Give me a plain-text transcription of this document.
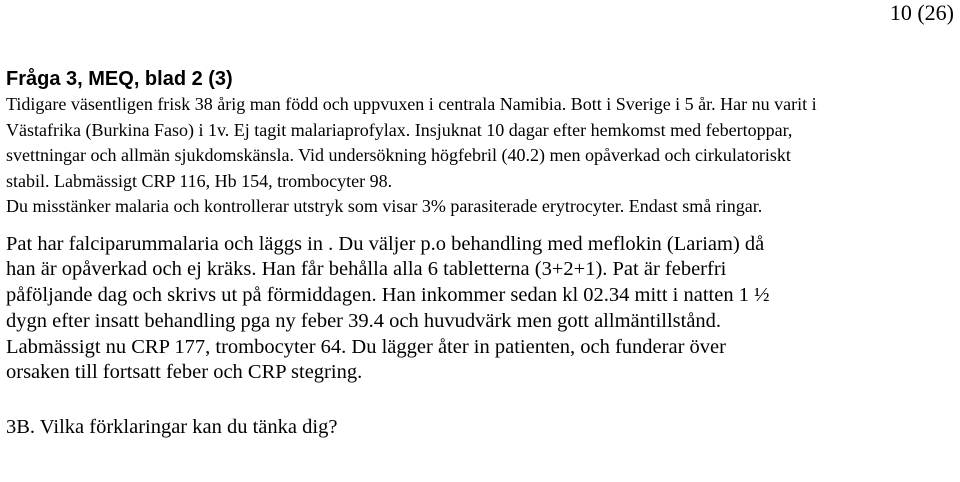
10 (26)
Fråga 3, MEQ, blad 2 (3)

Tidigare väsentligen frisk 38 årig man född och uppvuxen i centrala Namibia. Bott i Sverige i 5 år. Har nu varit i
Västafrika (Burkina Faso) i 1v. Ej tagit malariaprofylax. Insjuknat 10 dagar efter hemkomst med febertoppar,
svettningar och allmän sjukdomskänsla. Vid undersökning högfebril (40.2) men opåverkad och cirkulatoriskt
stabil. Labmässigt CRP 116, Hb 154, trombocyter 98.
Du misstänker malaria och kontrollerar utstryk som visar 3% parasiterade erytrocyter. Endast små ringar.

Pat har falciparummalaria och läggs in . Du väljer p.o behandling med meflokin (Lariam) då
han är opåverkad och ej kräks. Han får behålla alla 6 tabletterna (3+2+1). Pat är feberfri
påföljande dag och skrivs ut på förmiddagen. Han inkommer sedan kl 02.34 mitt i natten 1 ½
dygn efter insatt behandling pga ny feber 39.4 och huvudvärk men gott allmäntillstånd.
Labmässigt nu CRP 177, trombocyter 64. Du lägger åter in patienten, och funderar över
orsaken till fortsatt feber och CRP stegring.

3B. Vilka förklaringar kan du tänka dig?
